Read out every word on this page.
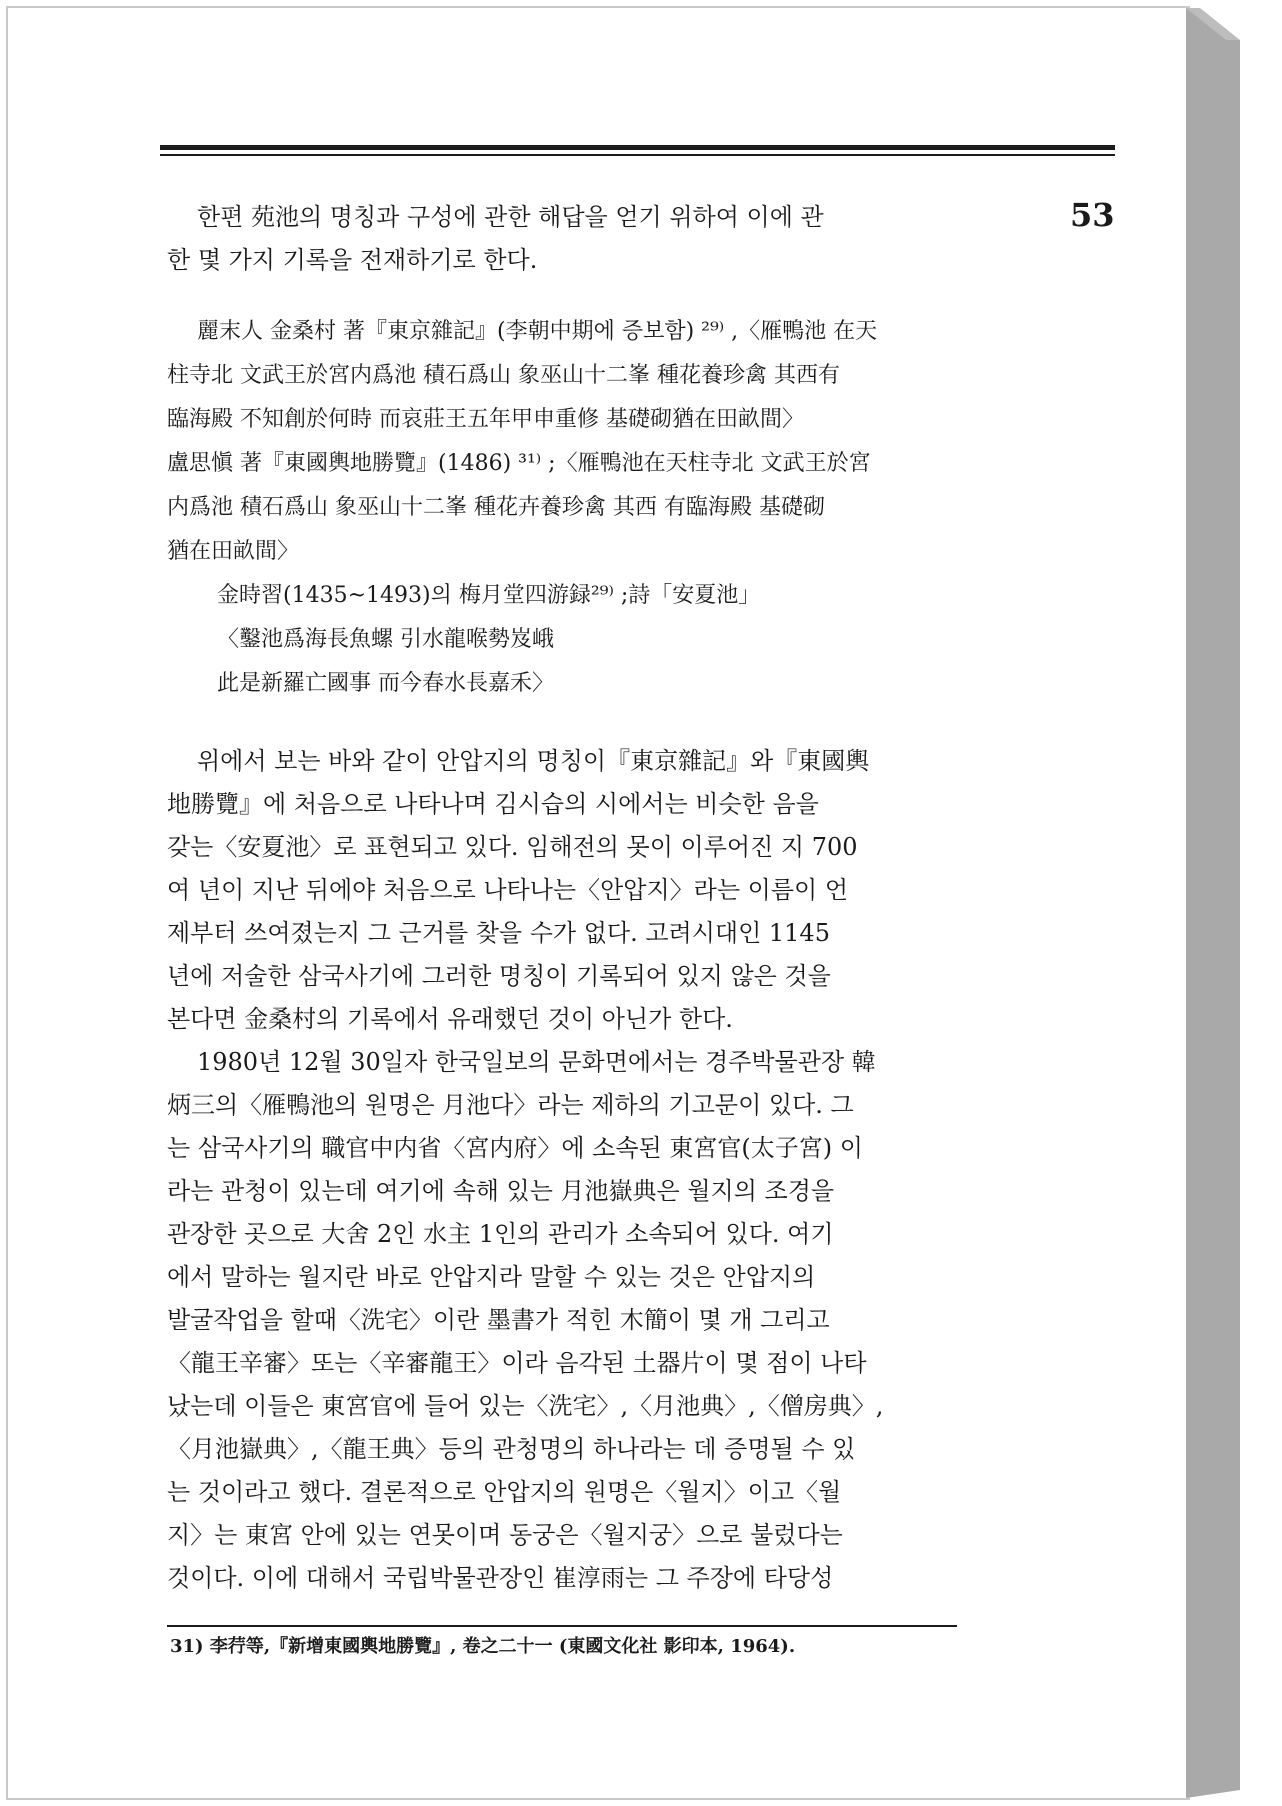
53

한편 苑池의 명칭과 구성에 관한 해답을 얻기 위하여 이에 관
한 몇 가지 기록을 전재하기로 한다.

麗末人 金桑村 著『東京雜記』(李朝中期에 증보함) ²⁹⁾ ,〈雁鴨池 在天
柱寺北 文武王於宮内爲池 積石爲山 象巫山十二峯 種花養珍禽 其西有
臨海殿 不知創於何時 而哀莊王五年甲申重修 基礎砌猶在田畝間〉
盧思愼 著『東國輿地勝覽』(1486) ³¹⁾ ;〈雁鴨池在天柱寺北 文武王於宮
内爲池 積石爲山 象巫山十二峯 種花卉養珍禽 其西 有臨海殿 基礎砌
猶在田畝間〉
金時習(1435~1493)의 梅月堂四游録²⁹⁾ ;詩「安夏池」
〈鑿池爲海長魚螺 引水龍喉勢岌峨
此是新羅亡國事 而今春水長嘉禾〉

위에서 보는 바와 같이 안압지의 명칭이『東京雜記』와『東國輿
地勝覽』에 처음으로 나타나며 김시습의 시에서는 비슷한 음을
갖는〈安夏池〉로 표현되고 있다. 임해전의 못이 이루어진 지 700
여 년이 지난 뒤에야 처음으로 나타나는〈안압지〉라는 이름이 언
제부터 쓰여졌는지 그 근거를 찾을 수가 없다. 고려시대인 1145
년에 저술한 삼국사기에 그러한 명칭이 기록되어 있지 않은 것을
본다면 金桑村의 기록에서 유래했던 것이 아닌가 한다.

1980년 12월 30일자 한국일보의 문화면에서는 경주박물관장 韓
炳三의〈雁鴨池의 원명은 月池다〉라는 제하의 기고문이 있다. 그
는 삼국사기의 職官中内省〈宮内府〉에 소속된 東宮官(太子宮) 이
라는 관청이 있는데 여기에 속해 있는 月池嶽典은 월지의 조경을
관장한 곳으로 大舍 2인 水主 1인의 관리가 소속되어 있다. 여기
에서 말하는 월지란 바로 안압지라 말할 수 있는 것은 안압지의
발굴작업을 할때〈洗宅〉이란 墨書가 적힌 木簡이 몇 개 그리고
〈龍王辛審〉또는〈辛審龍王〉이라 음각된 土器片이 몇 점이 나타
났는데 이들은 東宮官에 들어 있는〈洗宅〉,〈月池典〉,〈僧房典〉,
〈月池嶽典〉,〈龍王典〉등의 관청명의 하나라는 데 증명될 수 있
는 것이라고 했다. 결론적으로 안압지의 원명은〈월지〉이고〈월
지〉는 東宮 안에 있는 연못이며 동궁은〈월지궁〉으로 불렀다는
것이다. 이에 대해서 국립박물관장인 崔淳雨는 그 주장에 타당성

31) 李荇等,『新增東國輿地勝覽』, 卷之二十一 (東國文化社 影印本, 1964).
